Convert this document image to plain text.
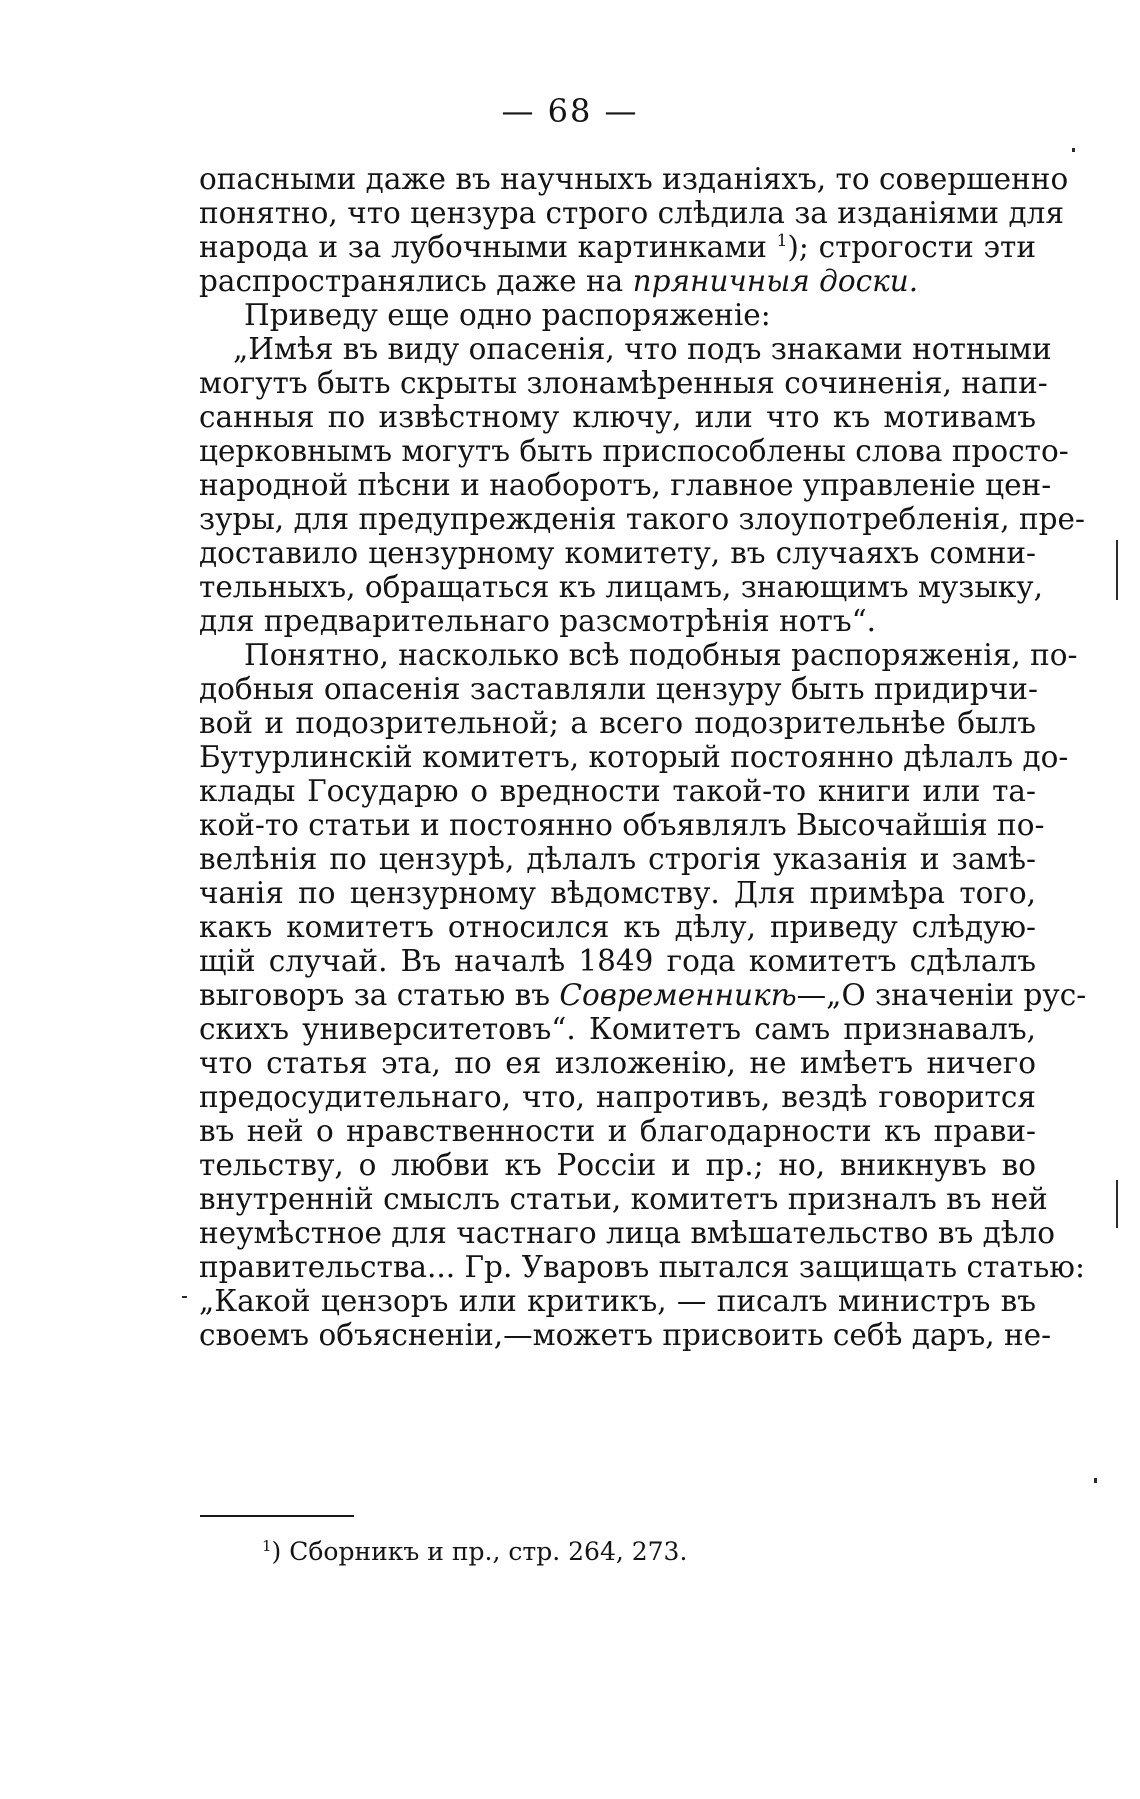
— 68 —
опасными даже въ научныхъ изданіяхъ, то совершенно
понятно, что цензура строго слѣдила за изданіями для
народа и за лубочными картинками $^1$); строгости эти
распространялись даже на пряничныя доски.
Приведу еще одно распоряженіе:
„Имѣя въ виду опасенія, что подъ знаками нотными
могутъ быть скрыты злонамѣренныя сочиненія, напи-
санныя по извѣстному ключу, или что къ мотивамъ
церковнымъ могутъ быть приспособлены слова просто-
народной пѣсни и наоборотъ, главное управленіе цен-
зуры, для предупрежденія такого злоупотребленія, пре-
доставило цензурному комитету, въ случаяхъ сомни-
тельныхъ, обращаться къ лицамъ, знающимъ музыку,
для предварительнаго разсмотрѣнія нотъ“.
Понятно, насколько всѣ подобныя распоряженія, по-
добныя опасенія заставляли цензуру быть придирчи-
вой и подозрительной; а всего подозрительнѣе былъ
Бутурлинскій комитетъ, который постоянно дѣлалъ до-
клады Государю о вредности такой-то книги или та-
кой-то статьи и постоянно объявлялъ Высочайшія по-
велѣнія по цензурѣ, дѣлалъ строгія указанія и замѣ-
чанія по цензурному вѣдомству. Для примѣра того,
какъ комитетъ относился къ дѣлу, приведу слѣдую-
щій случай. Въ началѣ 1849 года комитетъ сдѣлалъ
выговоръ за статью въ Современникѣ—„О значеніи рус-
скихъ университетовъ“. Комитетъ самъ признавалъ,
что статья эта, по ея изложенію, не имѣетъ ничего
предосудительнаго, что, напротивъ, вездѣ говорится
въ ней о нравственности и благодарности къ прави-
тельству, о любви къ Россіи и пр.; но, вникнувъ во
внутренній смыслъ статьи, комитетъ призналъ въ ней
неумѣстное для частнаго лица вмѣшательство въ дѣло
правительства... Гр. Уваровъ пытался защищать статью:
„Какой цензоръ или критикъ, — писалъ министръ въ
своемъ объясненіи,—можетъ присвоить себѣ даръ, не-
$^1$) Сборникъ и пр., стр. 264, 273.
